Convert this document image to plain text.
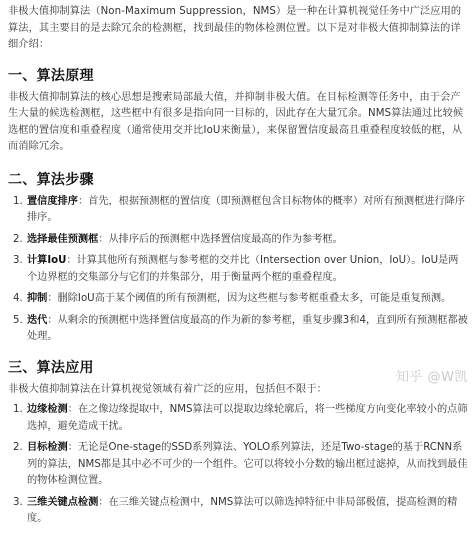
非极大值抑制算法（Non-Maximum Suppression，NMS）是一种在计算机视觉任务中广泛应用的算法，其主要目的是去除冗余的检测框，找到最佳的物体检测位置。以下是对非极大值抑制算法的详细介绍：

一、算法原理

非极大值抑制算法的核心思想是搜索局部最大值，并抑制非极大值。在目标检测等任务中，由于会产生大量的候选检测框，这些框中有很多是指向同一目标的，因此存在大量冗余。NMS算法通过比较候选框的置信度和重叠程度（通常使用交并比IoU来衡量），来保留置信度最高且重叠程度较低的框，从而消除冗余。

二、算法步骤
1. 置信度排序：首先，根据预测框的置信度（即预测框包含目标物体的概率）对所有预测框进行降序排序。
2. 选择最佳预测框：从排序后的预测框中选择置信度最高的作为参考框。
3. 计算IoU：计算其他所有预测框与参考框的交并比（Intersection over Union，IoU）。IoU是两个边界框的交集部分与它们的并集部分，用于衡量两个框的重叠程度。
4. 抑制：删除IoU高于某个阈值的所有预测框，因为这些框与参考框重叠太多，可能是重复预测。
5. 迭代：从剩余的预测框中选择置信度最高的作为新的参考框，重复步骤3和4，直到所有预测框都被处理。
三、算法应用

非极大值抑制算法在计算机视觉领域有着广泛的应用，包括但不限于：

1. 边缘检测：在之像边缘提取中，NMS算法可以提取边缘轮廓后，将一些梯度方向变化率较小的点筛选掉，避免造成干扰。
2. 目标检测：无论是One-stage的SSD系列算法、YOLO系列算法，还是Two-stage的基于RCNN系列的算法，NMS都是其中必不可少的一个组件。它可以将较小分数的输出框过滤掉，从而找到最佳的物体检测位置。
3. 三维关键点检测：在三维关键点检测中，NMS算法可以筛选掉特征中非局部极值，提高检测的精度。
知乎 @W凯
